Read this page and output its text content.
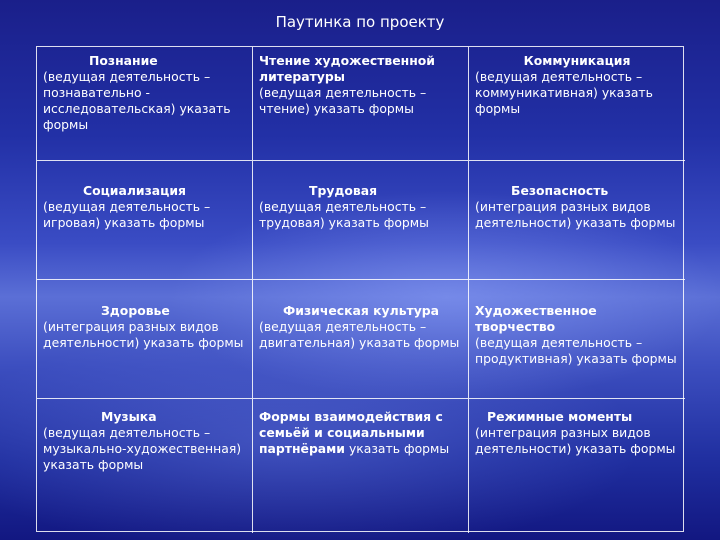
Паутинка по проекту
Познание
(ведущая деятельность – познавательно - исследовательская) указать формы
Чтение художественной литературы
(ведущая деятельность – чтение) указать формы
Коммуникация
(ведущая деятельность – коммуникативная) указать формы
Социализация
(ведущая деятельность – игровая) указать формы
Трудовая
(ведущая деятельность – трудовая) указать формы
Безопасность
(интеграция разных видов деятельности) указать формы
Здоровье
(интеграция разных видов деятельности) указать формы
Физическая культура
(ведущая деятельность – двигательная) указать формы
Художественное творчество
(ведущая деятельность – продуктивная) указать формы
Музыка
(ведущая деятельность – музыкально-художественная) указать формы
Формы взаимодействия с семьёй и социальными партнёрами указать формы
Режимные моменты
(интеграция разных видов деятельности) указать формы
